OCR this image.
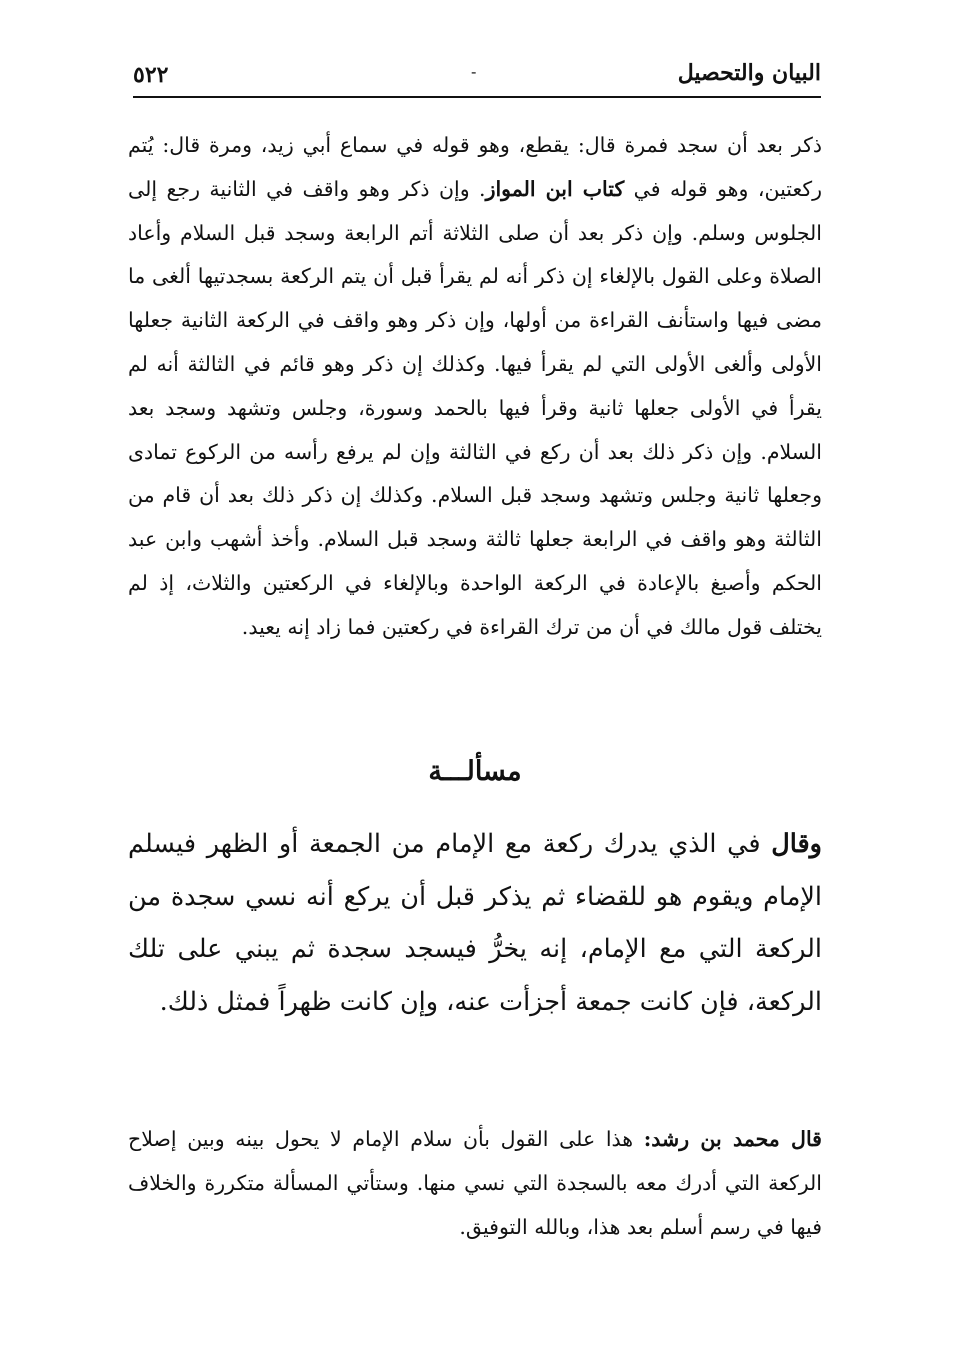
٥٢٢	-	البيان والتحصيل
ذكر بعد أن سجد فمرة قال: يقطع، وهو قوله في سماع أبي زيد، ومرة قال: يُتم ركعتين، وهو قوله في كتاب ابن المواز. وإن ذكر وهو واقف في الثانية رجع إلى الجلوس وسلم. وإن ذكر بعد أن صلى الثلاثة أتم الرابعة وسجد قبل السلام وأعاد الصلاة وعلى القول بالإلغاء إن ذكر أنه لم يقرأ قبل أن يتم الركعة بسجدتيها ألغى ما مضى فيها واستأنف القراءة من أولها، وإن ذكر وهو واقف في الركعة الثانية جعلها الأولى وألغى الأولى التي لم يقرأ فيها. وكذلك إن ذكر وهو قائم في الثالثة أنه لم يقرأ في الأولى جعلها ثانية وقرأ فيها بالحمد وسورة، وجلس وتشهد وسجد بعد السلام. وإن ذكر ذلك بعد أن ركع في الثالثة وإن لم يرفع رأسه من الركوع تمادى وجعلها ثانية وجلس وتشهد وسجد قبل السلام. وكذلك إن ذكر ذلك بعد أن قام من الثالثة وهو واقف في الرابعة جعلها ثالثة وسجد قبل السلام. وأخذ أشهب وابن عبد الحكم وأصبغ بالإعادة في الركعة الواحدة وبالإلغاء في الركعتين والثلاث، إذ لم يختلف قول مالك في أن من ترك القراءة في ركعتين فما زاد إنه يعيد.
مسألـــة
وقال في الذي يدرك ركعة مع الإمام من الجمعة أو الظهر فيسلم الإمام ويقوم هو للقضاء ثم يذكر قبل أن يركع أنه نسي سجدة من الركعة التي مع الإمام، إنه يخرُّ فيسجد سجدة ثم يبني على تلك الركعة، فإن كانت جمعة أجزأت عنه، وإن كانت ظهراً فمثل ذلك.
قال محمد بن رشد: هذا على القول بأن سلام الإمام لا يحول بينه وبين إصلاح الركعة التي أدرك معه بالسجدة التي نسي منها. وستأتي المسألة متكررة والخلاف فيها في رسم أسلم بعد هذا، وبالله التوفيق.
